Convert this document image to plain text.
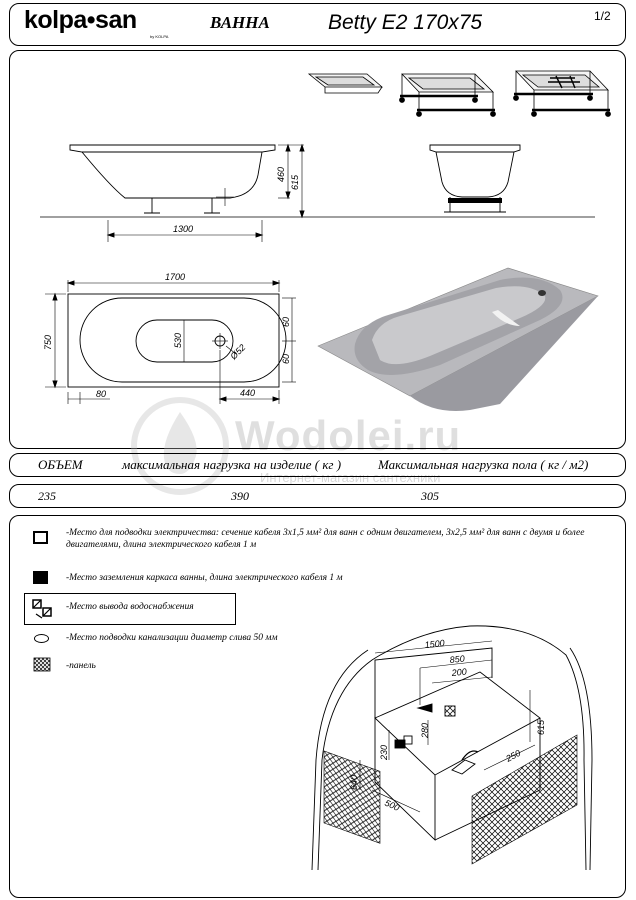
kolpa•san
by KOLPA
ВАННА	Betty E2 170x75	1/2
1300
460
615
1700
750	530
60
60
Ø52
80	440
Wodolei.ru
Интернет-магазин сантехники
ОБЪЕМ	максимальная нагрузка на изделие ( кг )	Максимальная нагрузка пола ( кг / м2)
235	390	305
-Место для подводки электричества: сечение кабеля 3х1,5 мм² для ванн с одним двигателем, 3х2,5 мм² для ванн с двумя и более двигателями, длина электрического кабеля 1 м
-Место заземления каркаса ванны, длина электрического кабеля 1 м
-Место вывода водоснабжения
-Место подводки канализации диаметр слива 50 мм
-панель
1500
850
200
615
250
280
230
640
500
